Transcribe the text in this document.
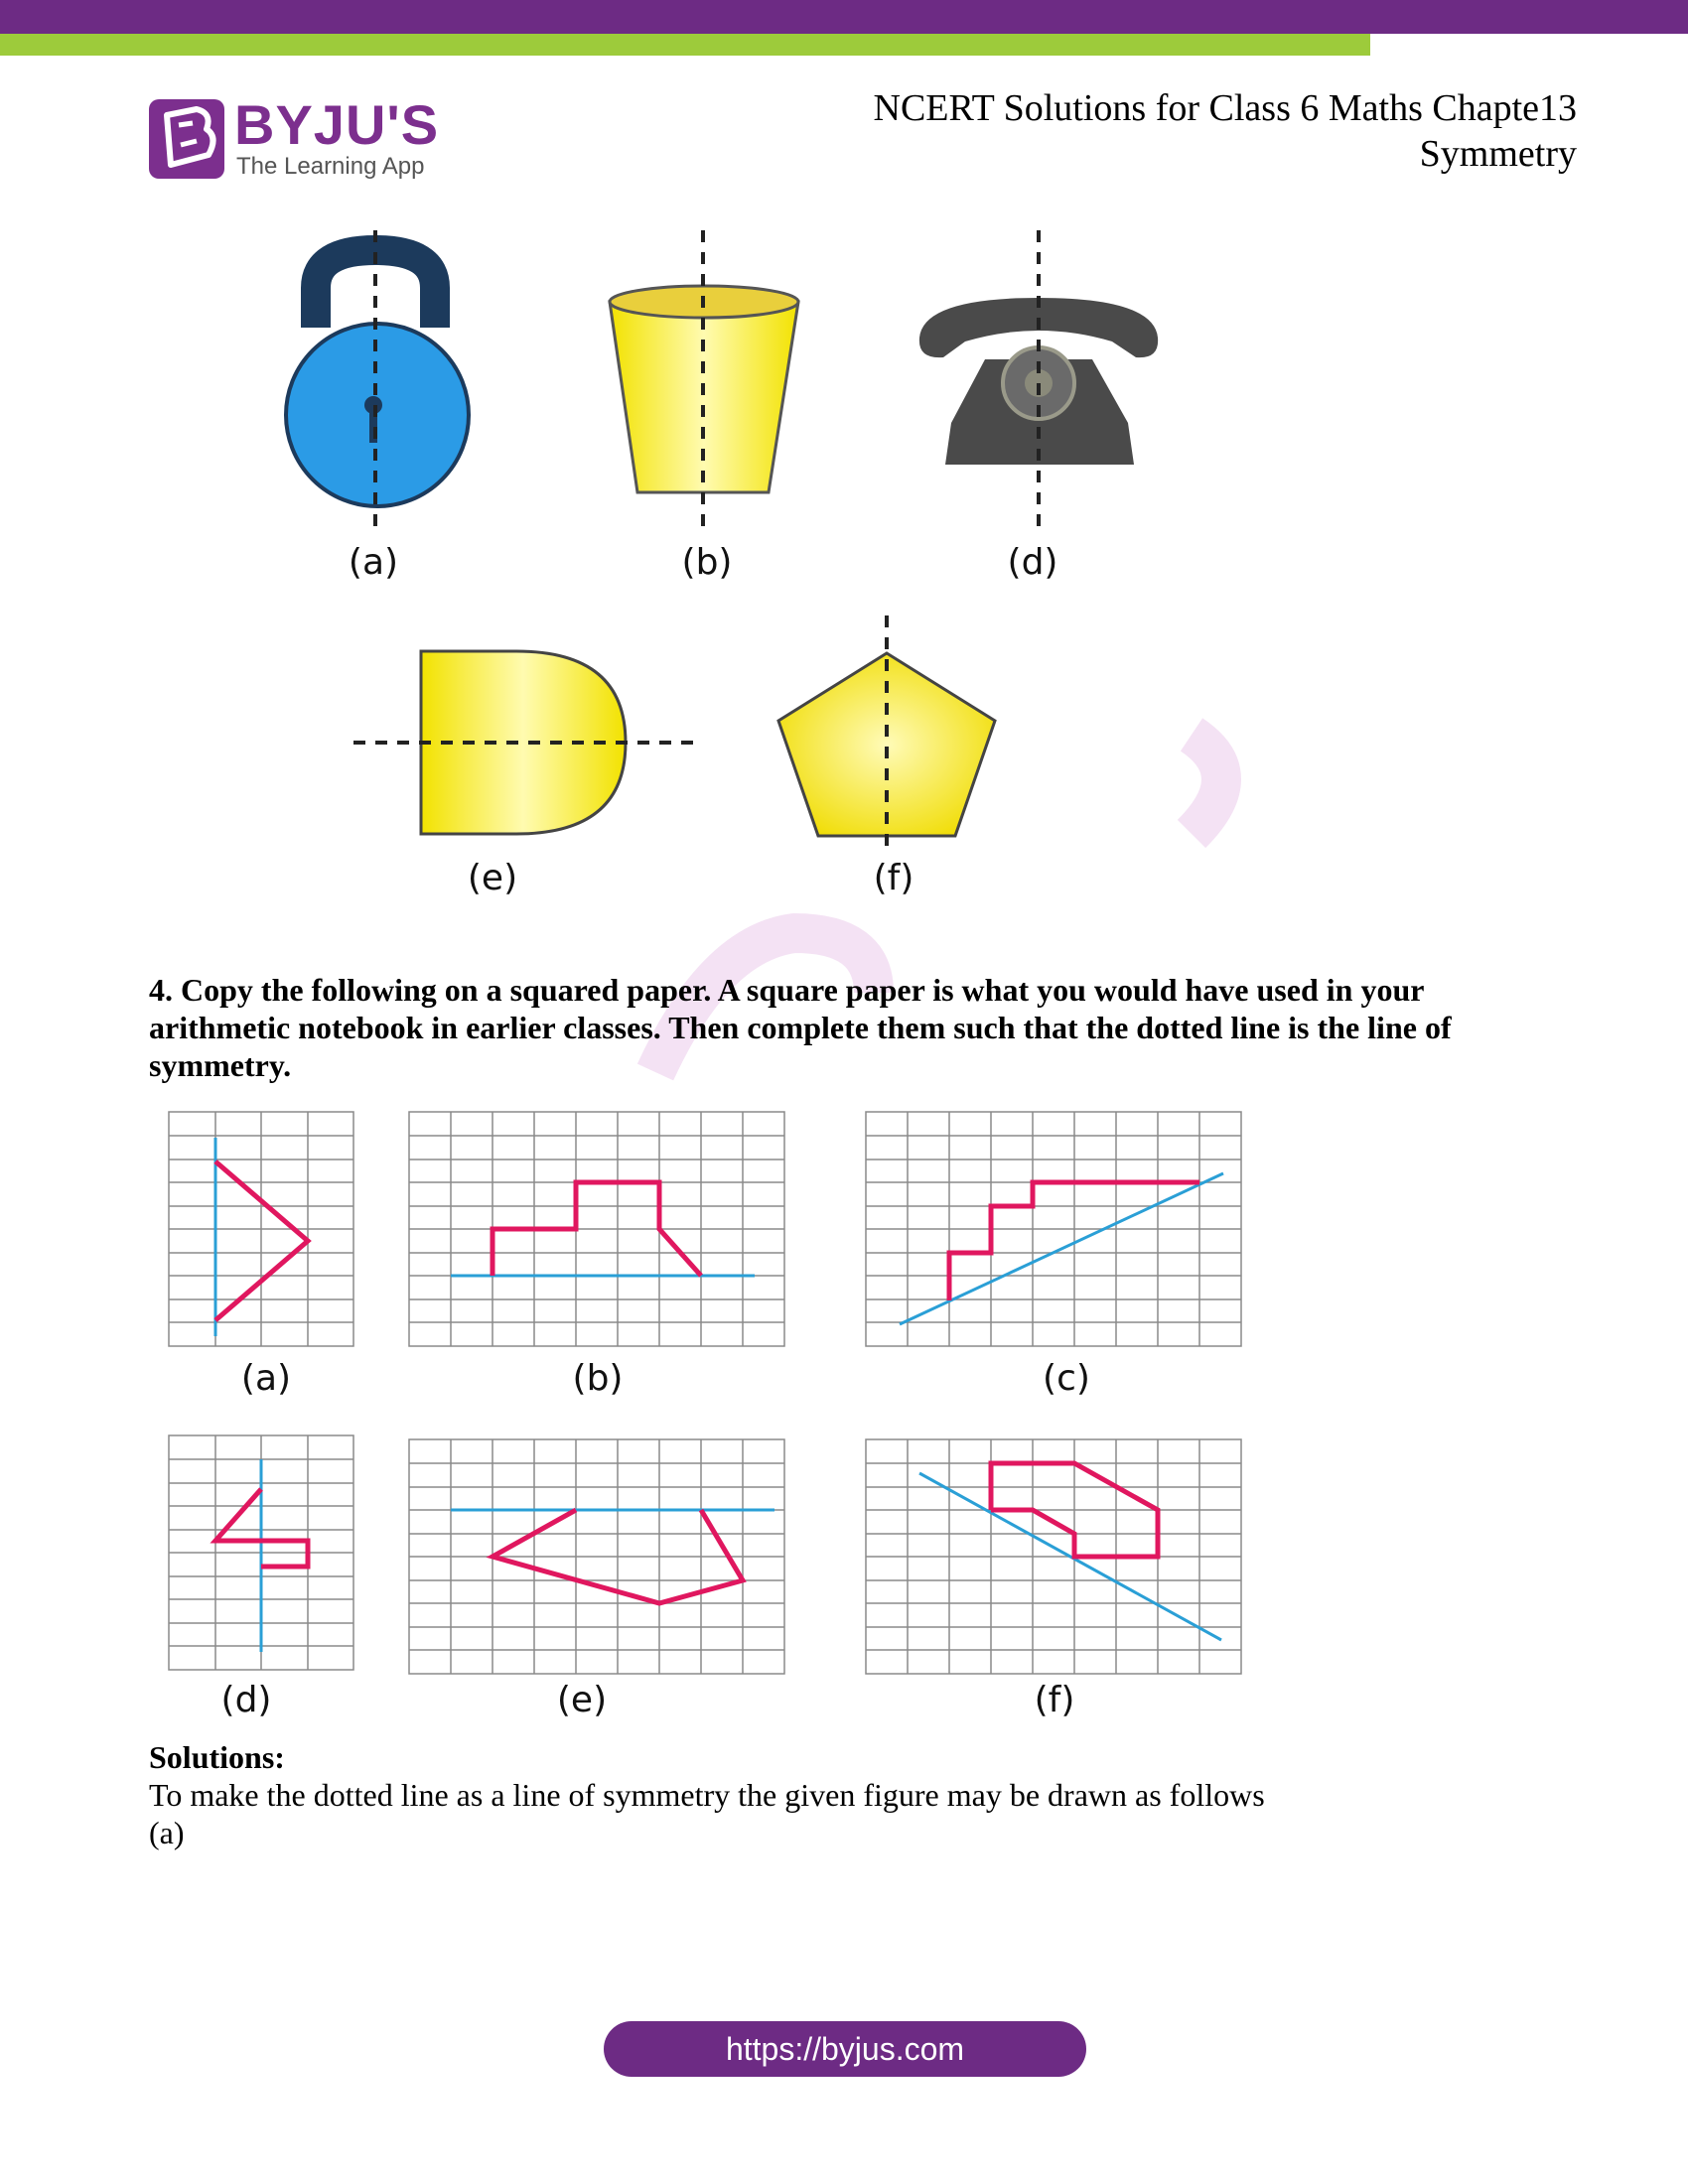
BYJU'S
The Learning App
NCERT Solutions for Class 6 Maths Chapte13
Symmetry
(a)	(b)	(d)
(e)	(f)
4. Copy the following on a squared paper. A square paper is what you would have used in your arithmetic notebook in earlier classes. Then complete them such that the dotted line is the line of symmetry.
(a)	(b)	(c)
(d)	(e)	(f)
Solutions:
To make the dotted line as a line of symmetry the given figure may be drawn as follows
(a)
https://byjus.com
